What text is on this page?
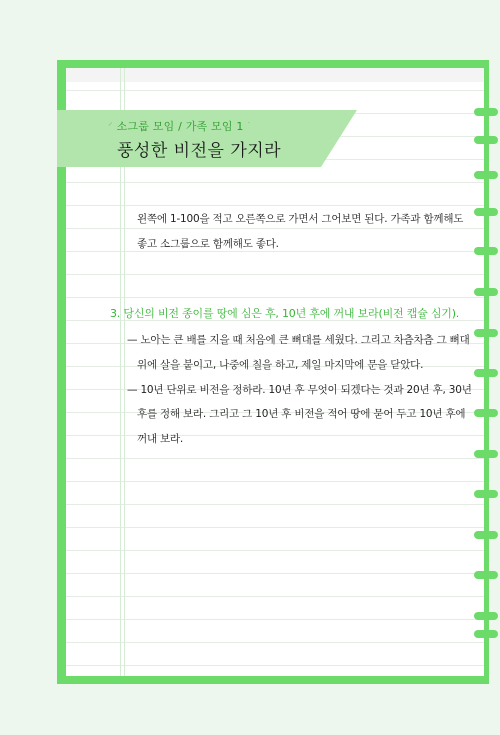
ᐟ 소그룹 모임 / 가족 모임 1 ᐝ
풍성한 비전을 가지라
왼쪽에 1-100을 적고 오른쪽으로 가면서 그어보면 된다. 가족과 함께해도
좋고 소그룹으로 함께해도 좋다.
3. 당신의 비전 종이를 땅에 심은 후, 10년 후에 꺼내 보라(비전 캡슐 심기).
— 노아는 큰 배를 지을 때 처음에 큰 뼈대를 세웠다. 그리고 차츰차츰 그 뼈대
위에 살을 붙이고, 나중에 칠을 하고, 제일 마지막에 문을 닫았다.
— 10년 단위로 비전을 정하라. 10년 후 무엇이 되겠다는 것과 20년 후, 30년
후를 정해 보라. 그리고 그 10년 후 비전을 적어 땅에 묻어 두고 10년 후에
꺼내 보라.
